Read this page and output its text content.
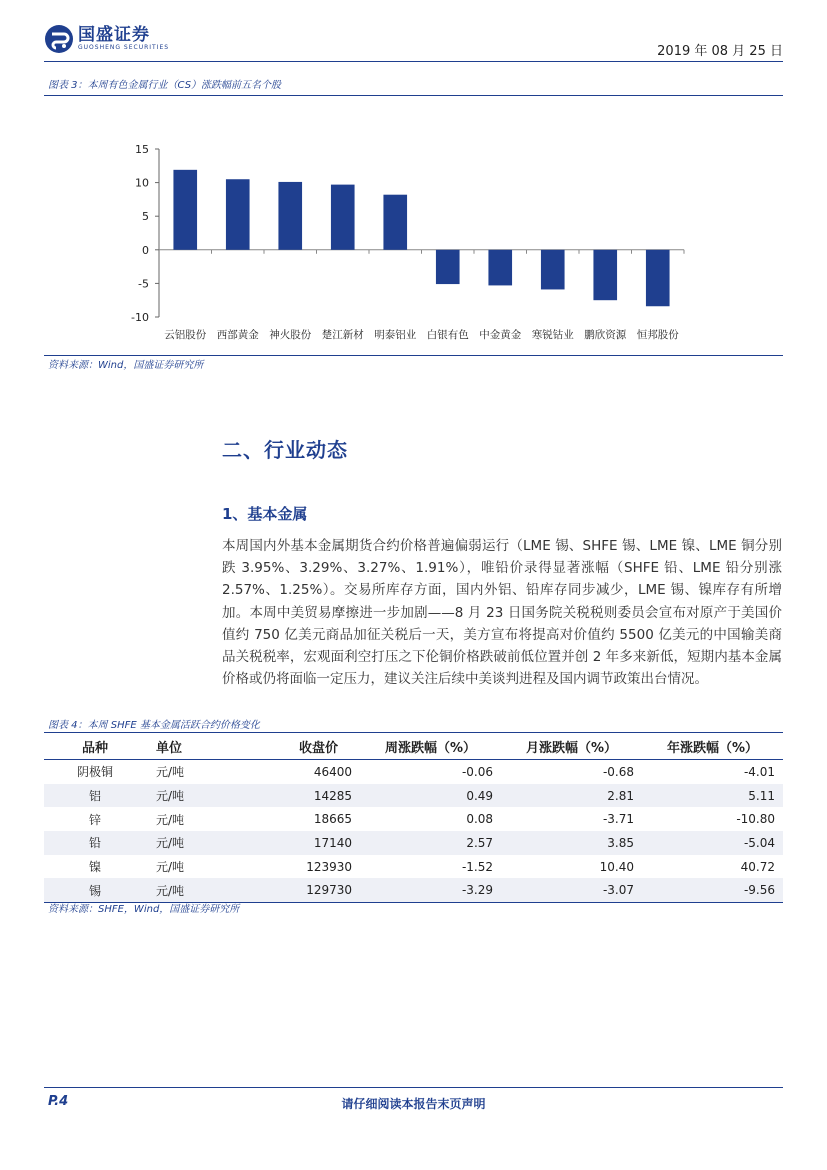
国盛证券
GUOSHENG SECURITIES	2019 年 08 月 25 日
图表 3：本周有色金属行业（CS）涨跌幅前五名个股
15
10
5
0
-5
-10
云铝股份 西部黄金 神火股份 楚江新材 明泰铝业 白银有色 中金黄金 寒锐钴业 鹏欣资源 恒邦股份
资料来源：Wind，国盛证券研究所
二、行业动态
1、基本金属
本周国内外基本金属期货合约价格普遍偏弱运行（LME 锡、SHFE 锡、LME 镍、LME 铜分别跌 3.95%、3.29%、3.27%、1.91%），唯铅价录得显著涨幅（SHFE 铅、LME 铅分别涨 2.57%、1.25%）。交易所库存方面，国内外铝、铅库存同步减少，LME 锡、镍库存有所增加。本周中美贸易摩擦进一步加剧——8 月 23 日国务院关税税则委员会宣布对原产于美国价值约 750 亿美元商品加征关税后一天，美方宣布将提高对价值约 5500 亿美元的中国输美商品关税税率，宏观面利空打压之下伦铜价格跌破前低位置并创 2 年多来新低，短期内基本金属价格或仍将面临一定压力，建议关注后续中美谈判进程及国内调节政策出台情况。
图表 4：本周 SHFE 基本金属活跃合约价格变化
品种	单位	收盘价	周涨跌幅（%）	月涨跌幅（%）	年涨跌幅（%）
阴极铜	元/吨	46400	-0.06	-0.68	-4.01
铝	元/吨	14285	0.49	2.81	5.11
锌	元/吨	18665	0.08	-3.71	-10.80
铅	元/吨	17140	2.57	3.85	-5.04
镍	元/吨	123930	-1.52	10.40	40.72
锡	元/吨	129730	-3.29	-3.07	-9.56
资料来源：SHFE，Wind，国盛证券研究所
P.4	请仔细阅读本报告末页声明
